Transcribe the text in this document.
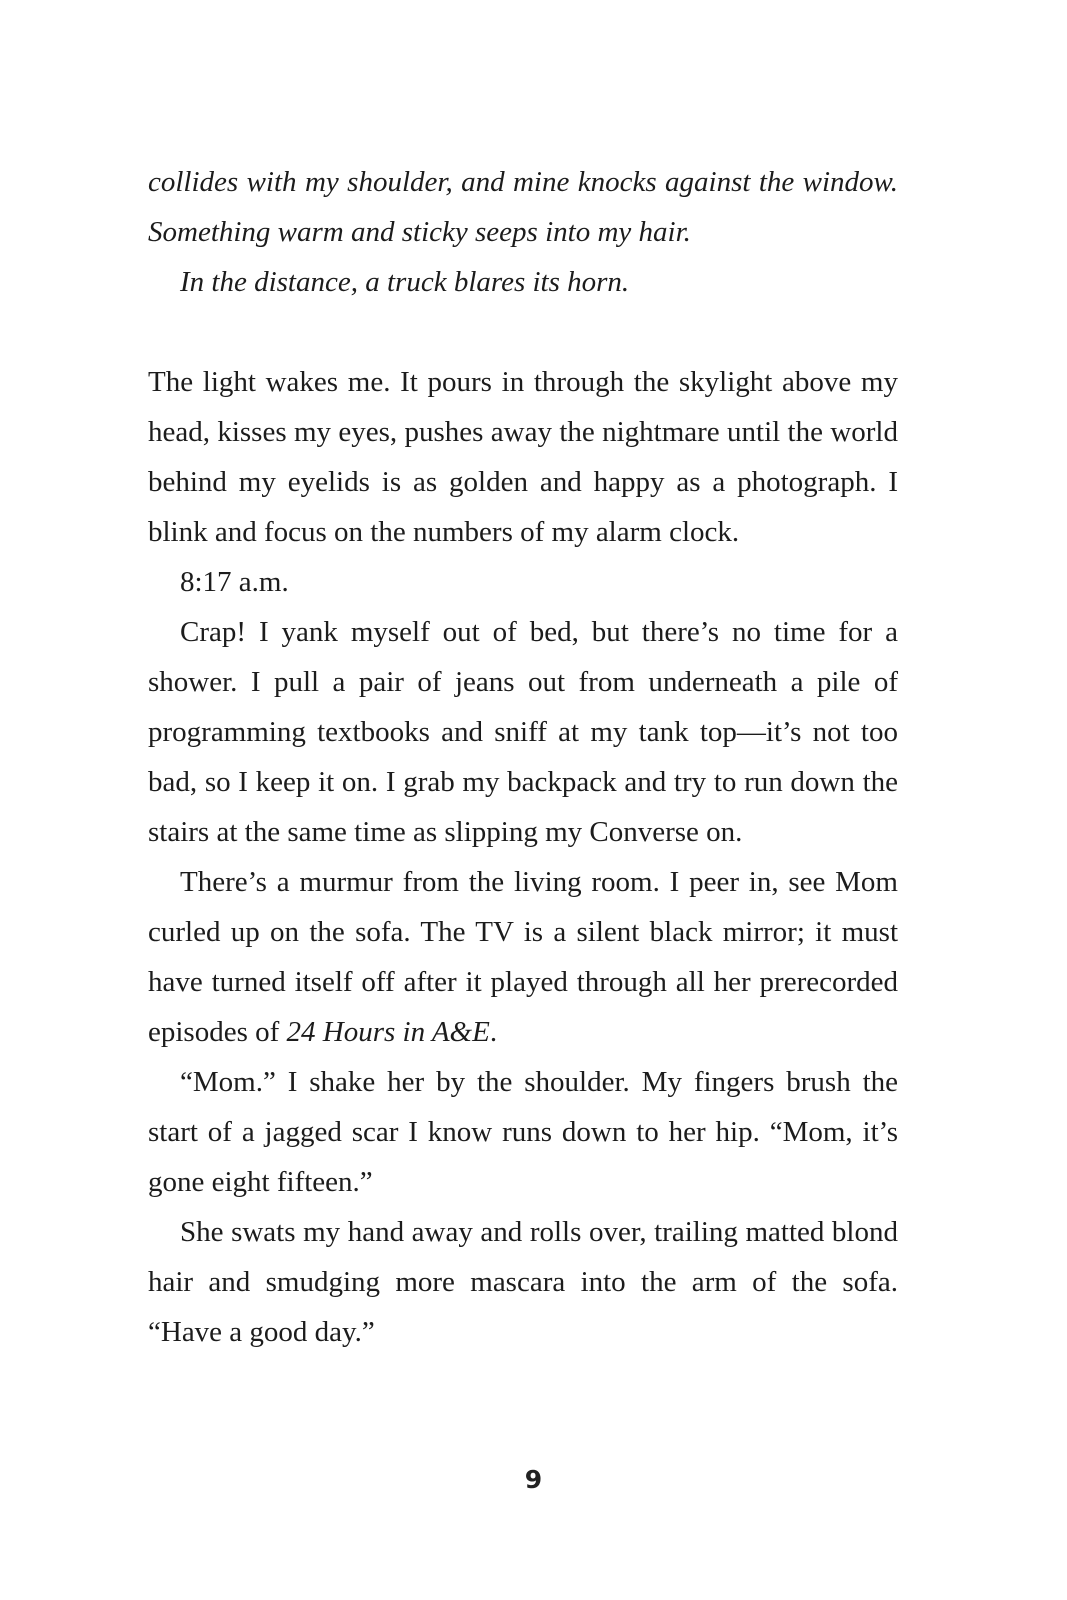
collides with my shoulder, and mine knocks against the window. Something warm and sticky seeps into my hair.

In the distance, a truck blares its horn.

The light wakes me. It pours in through the skylight above my head, kisses my eyes, pushes away the nightmare until the world behind my eyelids is as golden and happy as a photograph. I blink and focus on the numbers of my alarm clock.

8:17 a.m.

Crap! I yank myself out of bed, but there’s no time for a shower. I pull a pair of jeans out from underneath a pile of programming textbooks and sniff at my tank top—it’s not too bad, so I keep it on. I grab my backpack and try to run down the stairs at the same time as slipping my Converse on.

There’s a murmur from the living room. I peer in, see Mom curled up on the sofa. The TV is a silent black mirror; it must have turned itself off after it played through all her prerecorded episodes of 24 Hours in A&E.

“Mom.” I shake her by the shoulder. My fingers brush the start of a jagged scar I know runs down to her hip. “Mom, it’s gone eight fifteen.”

She swats my hand away and rolls over, trailing matted blond hair and smudging more mascara into the arm of the sofa. “Have a good day.”

9
